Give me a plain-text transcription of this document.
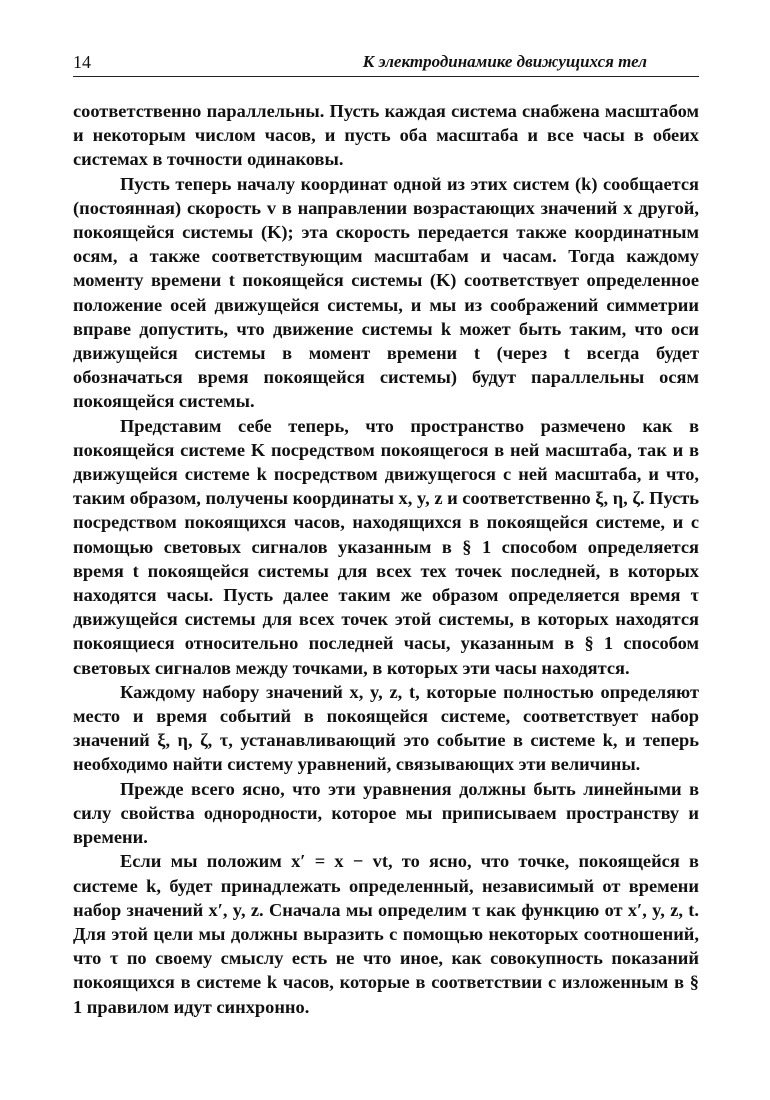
14	К электродинамике движущихся тел

соответственно параллельны. Пусть каждая система снабжена масштабом и некоторым числом часов, и пусть оба масштаба и все часы в обеих системах в точности одинаковы.

Пусть теперь началу координат одной из этих систем (k) сообщается (постоянная) скорость v в направлении возрастающих значений x другой, покоящейся системы (K); эта скорость передается также координатным осям, а также соответствующим масштабам и часам. Тогда каждому моменту времени t покоящейся системы (K) соответствует определенное положение осей движущейся системы, и мы из соображений симметрии вправе допустить, что движение системы k может быть таким, что оси движущейся системы в момент времени t (через t всегда будет обозначаться время покоящейся системы) будут параллельны осям покоящейся системы.

Представим себе теперь, что пространство размечено как в покоящейся системе K посредством покоящегося в ней масштаба, так и в движущейся системе k посредством движущегося с ней масштаба, и что, таким образом, получены координаты x, y, z и соответственно ξ, η, ζ. Пусть посредством покоящихся часов, находящихся в покоящейся системе, и с помощью световых сигналов указанным в § 1 способом определяется время t покоящейся системы для всех тех точек последней, в которых находятся часы. Пусть далее таким же образом определяется время τ движущейся системы для всех точек этой системы, в которых находятся покоящиеся относительно последней часы, указанным в § 1 способом световых сигналов между точками, в которых эти часы находятся.

Каждому набору значений x, y, z, t, которые полностью определяют место и время событий в покоящейся системе, соответствует набор значений ξ, η, ζ, τ, устанавливающий это событие в системе k, и теперь необходимо найти систему уравнений, связывающих эти величины.

Прежде всего ясно, что эти уравнения должны быть линейными в силу свойства однородности, которое мы приписываем пространству и времени.

Если мы положим x′ = x − vt, то ясно, что точке, покоящейся в системе k, будет принадлежать определенный, независимый от времени набор значений x′, y, z. Сначала мы определим τ как функцию от x′, y, z, t. Для этой цели мы должны выразить с помощью некоторых соотношений, что τ по своему смыслу есть не что иное, как совокупность показаний покоящихся в системе k часов, которые в соответствии с изложенным в § 1 правилом идут синхронно.
